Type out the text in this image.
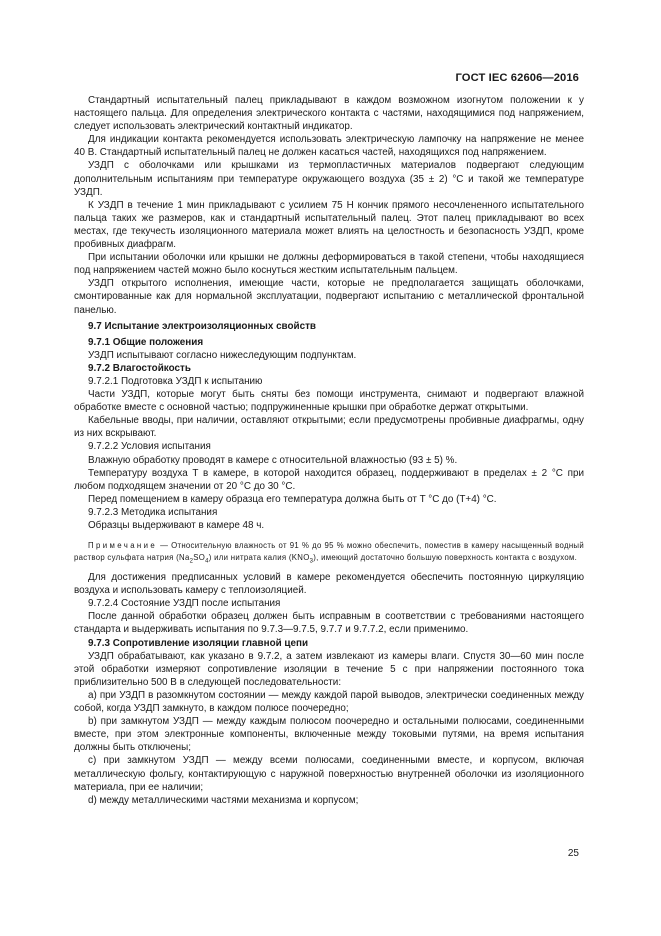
ГОСТ IEC 62606—2016

Стандартный испытательный палец прикладывают в каждом возможном изогнутом положении к у настоящего пальца. Для определения электрического контакта с частями, находящимися под напряжением, следует использовать электрический контактный индикатор.

Для индикации контакта рекомендуется использовать электрическую лампочку на напряжение не менее 40 В. Стандартный испытательный палец не должен касаться частей, находящихся под напряжением.

УЗДП с оболочками или крышками из термопластичных материалов подвергают следующим дополнительным испытаниям при температуре окружающего воздуха (35 ± 2) °С и такой же температуре УЗДП.

К УЗДП в течение 1 мин прикладывают с усилием 75 Н кончик прямого несочлененного испытательного пальца таких же размеров, как и стандартный испытательный палец. Этот палец прикладывают во всех местах, где текучесть изоляционного материала может влиять на целостность и безопасность УЗДП, кроме пробивных диафрагм.

При испытании оболочки или крышки не должны деформироваться в такой степени, чтобы находящиеся под напряжением частей можно было коснуться жестким испытательным пальцем.

УЗДП открытого исполнения, имеющие части, которые не предполагается защищать оболочками, смонтированные как для нормальной эксплуатации, подвергают испытанию с металлической фронтальной панелью.

9.7 Испытание электроизоляционных свойств

9.7.1 Общие положения

УЗДП испытывают согласно нижеследующим подпунктам.

9.7.2 Влагостойкость

9.7.2.1 Подготовка УЗДП к испытанию

Части УЗДП, которые могут быть сняты без помощи инструмента, снимают и подвергают влажной обработке вместе с основной частью; подпружиненные крышки при обработке держат открытыми.

Кабельные вводы, при наличии, оставляют открытыми; если предусмотрены пробивные диафрагмы, одну из них вскрывают.

9.7.2.2 Условия испытания

Влажную обработку проводят в камере с относительной влажностью (93 ± 5) %.

Температуру воздуха T в камере, в которой находится образец, поддерживают в пределах ± 2 °С при любом подходящем значении от 20 °С до 30 °С.

Перед помещением в камеру образца его температура должна быть от T °С до (T+4) °С.

9.7.2.3 Методика испытания

Образцы выдерживают в камере 48 ч.

Примечание — Относительную влажность от 91 % до 95 % можно обеспечить, поместив в камеру насыщенный водный раствор сульфата натрия $(Na_2SO_4)$ или нитрата калия $(KNO_3)$, имеющий достаточно большую поверхность контакта с воздухом.

Для достижения предписанных условий в камере рекомендуется обеспечить постоянную циркуляцию воздуха и использовать камеру с теплоизоляцией.

9.7.2.4 Состояние УЗДП после испытания

После данной обработки образец должен быть исправным в соответствии с требованиями настоящего стандарта и выдерживать испытания по 9.7.3—9.7.5, 9.7.7 и 9.7.7.2, если применимо.

9.7.3 Сопротивление изоляции главной цепи

УЗДП обрабатывают, как указано в 9.7.2, а затем извлекают из камеры влаги. Спустя 30—60 мин после этой обработки измеряют сопротивление изоляции в течение 5 с при напряжении постоянного тока приблизительно 500 В в следующей последовательности:

a) при УЗДП в разомкнутом состоянии — между каждой парой выводов, электрически соединенных между собой, когда УЗДП замкнуто, в каждом полюсе поочередно;

b) при замкнутом УЗДП — между каждым полюсом поочередно и остальными полюсами, соединенными вместе, при этом электронные компоненты, включенные между токовыми путями, на время испытания должны быть отключены;

c) при замкнутом УЗДП — между всеми полюсами, соединенными вместе, и корпусом, включая металлическую фольгу, контактирующую с наружной поверхностью внутренней оболочки из изоляционного материала, при ее наличии;

d) между металлическими частями механизма и корпусом;

25
